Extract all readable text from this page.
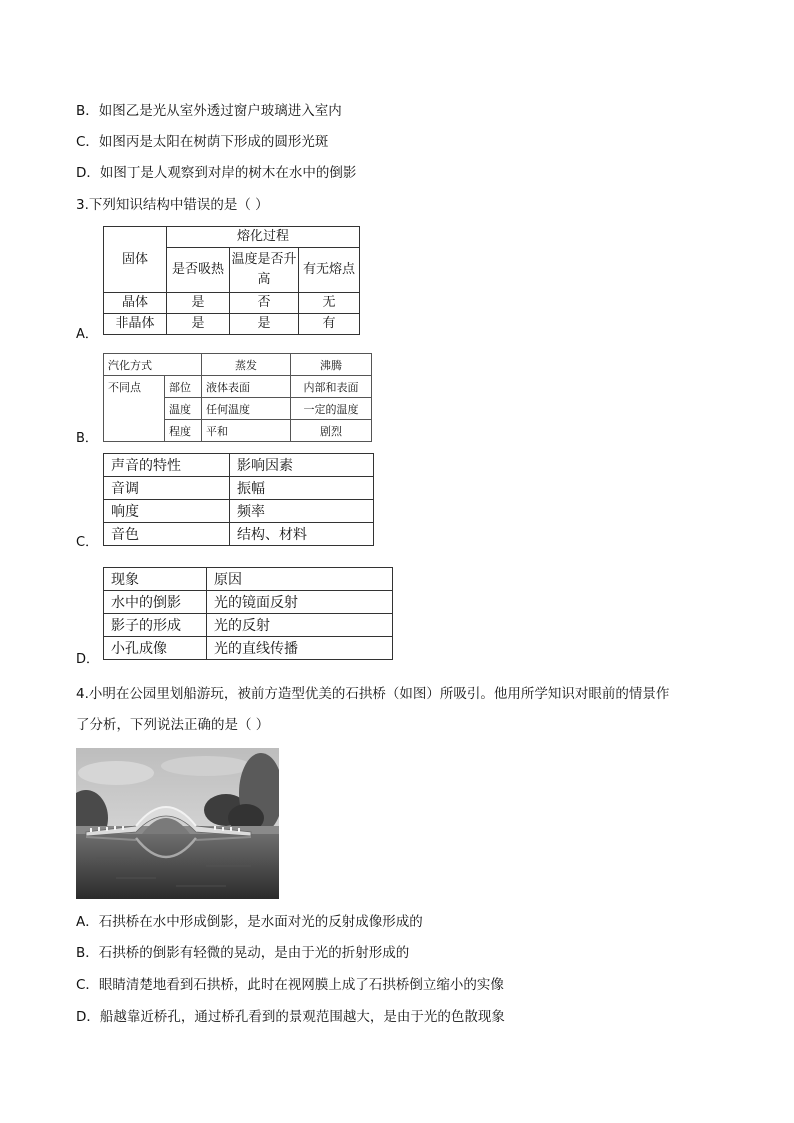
B．如图乙是光从室外透过窗户玻璃进入室内
C．如图丙是太阳在树荫下形成的圆形光斑
D．如图丁是人观察到对岸的树木在水中的倒影
3.下列知识结构中错误的是（ ）
固体	熔化过程		
	是否吸热	温度是否升高	有无熔点
晶体	是	否	无
非晶体	是	是	有
A．
汽化方式		蒸发	沸腾
不同点	部位	液体表面	内部和表面
	温度	任何温度	一定的温度
	程度	平和	剧烈
B．
声音的特性	影响因素
音调	振幅
响度	频率
音色	结构、材料
C．
现象	原因
水中的倒影	光的镜面反射
影子的形成	光的反射
小孔成像	光的直线传播
D．
4.小明在公园里划船游玩，被前方造型优美的石拱桥（如图）所吸引。他用所学知识对眼前的情景作
了分析，下列说法正确的是（ ）
A．石拱桥在水中形成倒影，是水面对光的反射成像形成的
B．石拱桥的倒影有轻微的晃动，是由于光的折射形成的
C．眼睛清楚地看到石拱桥，此时在视网膜上成了石拱桥倒立缩小的实像
D．船越靠近桥孔，通过桥孔看到的景观范围越大，是由于光的色散现象
